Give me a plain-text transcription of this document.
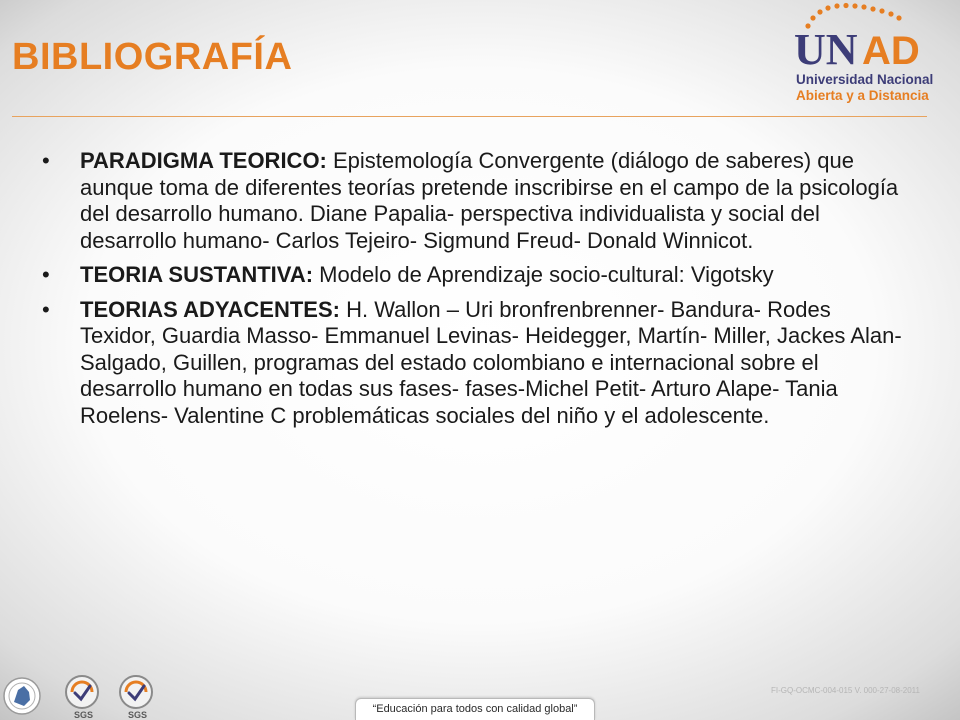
BIBLIOGRAFÍA	UN AD
Universidad Nacional
Abierta y a Distancia
•	PARADIGMA TEORICO: Epistemología Convergente (diálogo de saberes) que aunque toma de diferentes teorías pretende inscribirse en el campo de la psicología del desarrollo humano. Diane Papalia- perspectiva individualista y social del desarrollo humano- Carlos Tejeiro- Sigmund Freud- Donald Winnicot.
•	TEORIA SUSTANTIVA: Modelo de Aprendizaje socio-cultural: Vigotsky
•	TEORIAS ADYACENTES: H. Wallon – Uri bronfrenbrenner- Bandura- Rodes Texidor, Guardia Masso- Emmanuel Levinas- Heidegger, Martín- Miller, Jackes Alan- Salgado, Guillen, programas del estado colombiano e internacional sobre el desarrollo humano en todas sus fases- fases-Michel Petit- Arturo Alape- Tania Roelens- Valentine C problemáticas sociales del niño y el adolescente.
SGS	SGS
FI-GQ-OCMC-004-015 V. 000-27-08-2011
“Educación para todos con calidad global”
